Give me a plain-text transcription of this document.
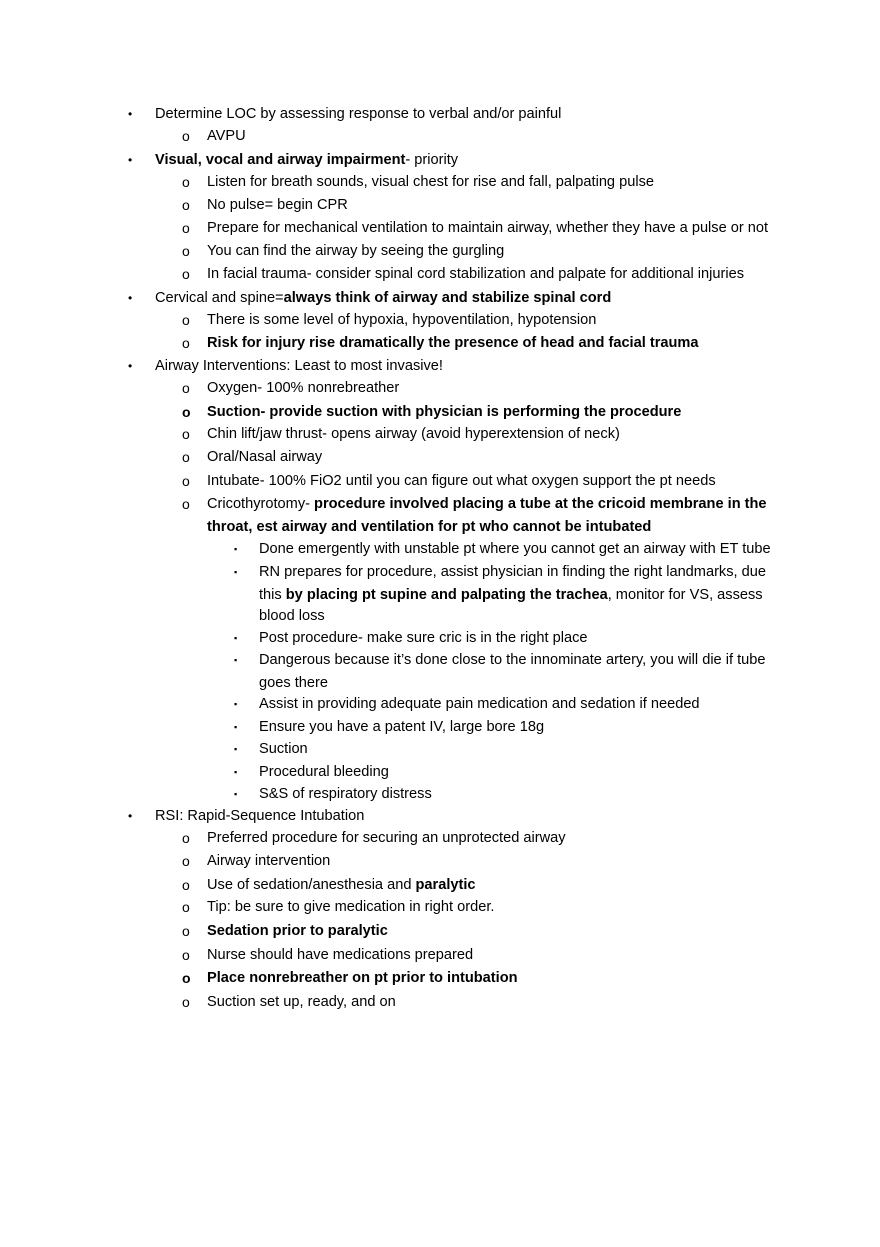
• Determine LOC by assessing response to verbal and/or painful
o AVPU
• Visual, vocal and airway impairment- priority
o Listen for breath sounds, visual chest for rise and fall, palpating pulse
o No pulse= begin CPR
o Prepare for mechanical ventilation to maintain airway, whether they have a pulse or not
o You can find the airway by seeing the gurgling
o In facial trauma- consider spinal cord stabilization and palpate for additional injuries
• Cervical and spine=always think of airway and stabilize spinal cord
o There is some level of hypoxia, hypoventilation, hypotension
o Risk for injury rise dramatically the presence of head and facial trauma
• Airway Interventions: Least to most invasive!
o Oxygen- 100% nonrebreather
o Suction- provide suction with physician is performing the procedure
o Chin lift/jaw thrust- opens airway (avoid hyperextension of neck)
o Oral/Nasal airway
o Intubate- 100% FiO2 until you can figure out what oxygen support the pt needs
o Cricothyrotomy- procedure involved placing a tube at the cricoid membrane in the
throat, est airway and ventilation for pt who cannot be intubated
▪ Done emergently with unstable pt where you cannot get an airway with ET tube
▪ RN prepares for procedure, assist physician in finding the right landmarks, due
this by placing pt supine and palpating the trachea, monitor for VS, assess
blood loss
▪ Post procedure- make sure cric is in the right place
▪ Dangerous because it’s done close to the innominate artery, you will die if tube
goes there
▪ Assist in providing adequate pain medication and sedation if needed
▪ Ensure you have a patent IV, large bore 18g
▪ Suction
▪ Procedural bleeding
▪ S&S of respiratory distress
• RSI: Rapid-Sequence Intubation
o Preferred procedure for securing an unprotected airway
o Airway intervention
o Use of sedation/anesthesia and paralytic
o Tip: be sure to give medication in right order.
o Sedation prior to paralytic
o Nurse should have medications prepared
o Place nonrebreather on pt prior to intubation
o Suction set up, ready, and on
